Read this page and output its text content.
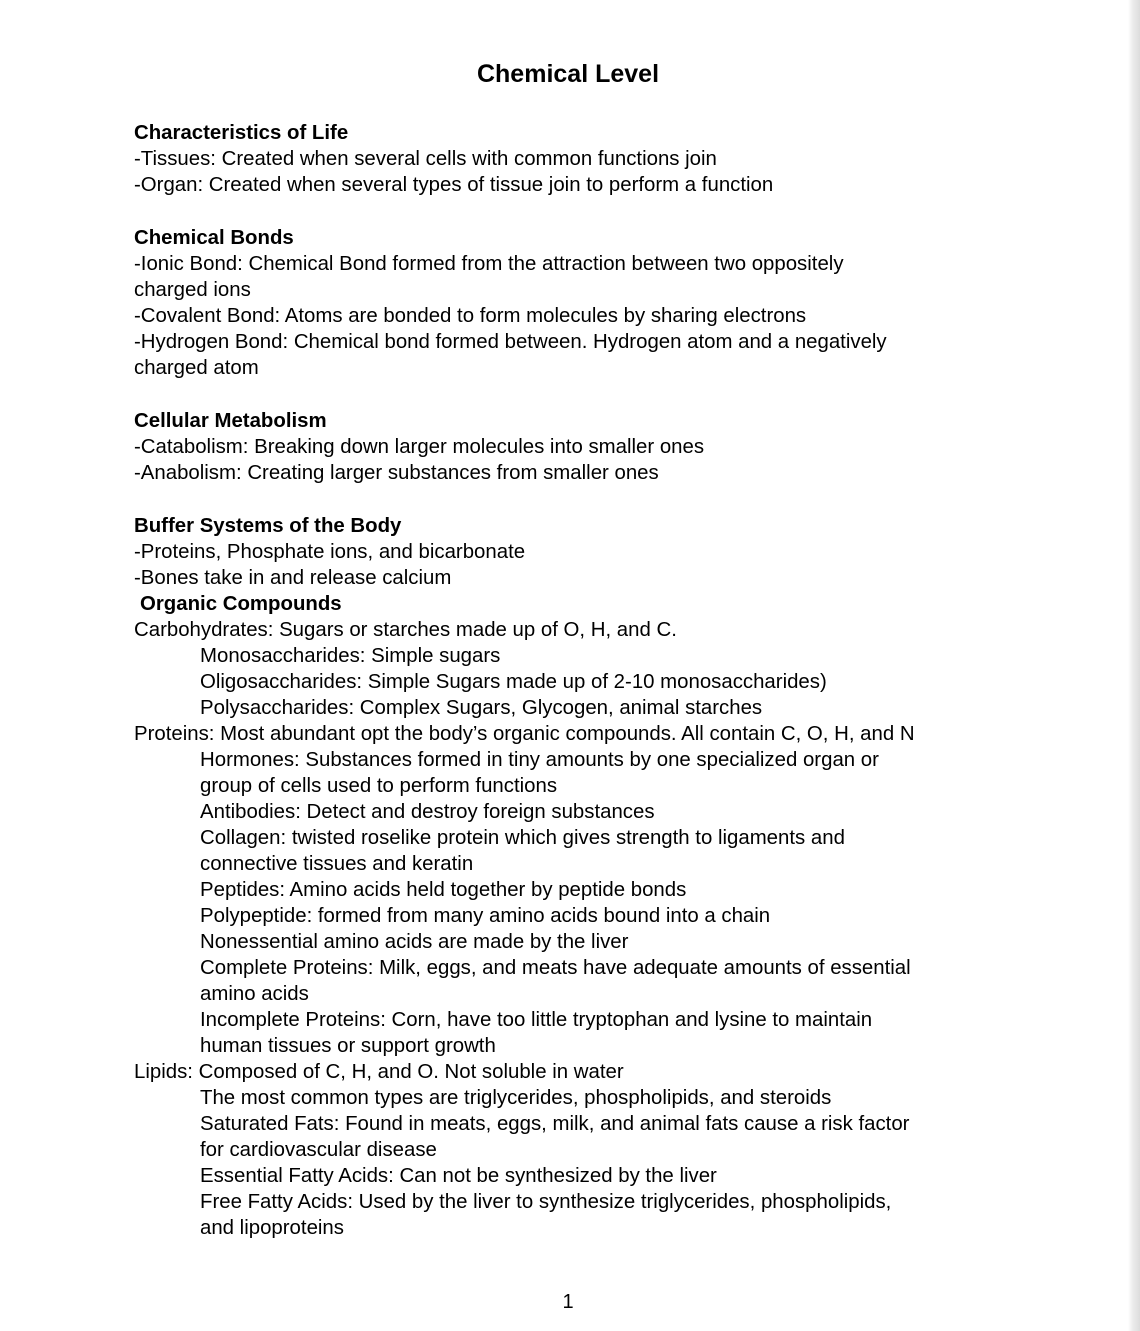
Chemical Level
Characteristics of Life
-Tissues: Created when several cells with common functions join
-Organ: Created when several types of tissue join to perform a function
Chemical Bonds
-Ionic Bond: Chemical Bond formed from the attraction between two oppositely
charged ions
-Covalent Bond: Atoms are bonded to form molecules by sharing electrons
-Hydrogen Bond: Chemical bond formed between. Hydrogen atom and a negatively
charged atom
Cellular Metabolism
-Catabolism: Breaking down larger molecules into smaller ones
-Anabolism: Creating larger substances from smaller ones
Buffer Systems of the Body
-Proteins, Phosphate ions, and bicarbonate
-Bones take in and release calcium
Organic Compounds
Carbohydrates: Sugars or starches made up of O, H, and C.
Monosaccharides: Simple sugars
Oligosaccharides: Simple Sugars made up of 2-10 monosaccharides)
Polysaccharides: Complex Sugars, Glycogen, animal starches
Proteins: Most abundant opt the body’s organic compounds. All contain C, O, H, and N
Hormones: Substances formed in tiny amounts by one specialized organ or
group of cells used to perform functions
Antibodies: Detect and destroy foreign substances
Collagen: twisted roselike protein which gives strength to ligaments and
connective tissues and keratin
Peptides: Amino acids held together by peptide bonds
Polypeptide: formed from many amino acids bound into a chain
Nonessential amino acids are made by the liver
Complete Proteins: Milk, eggs, and meats have adequate amounts of essential
amino acids
Incomplete Proteins: Corn, have too little tryptophan and lysine to maintain
human tissues or support growth
Lipids: Composed of C, H, and O. Not soluble in water
The most common types are triglycerides, phospholipids, and steroids
Saturated Fats: Found in meats, eggs, milk, and animal fats cause a risk factor
for cardiovascular disease
Essential Fatty Acids: Can not be synthesized by the liver
Free Fatty Acids: Used by the liver to synthesize triglycerides, phospholipids,
and lipoproteins
1
